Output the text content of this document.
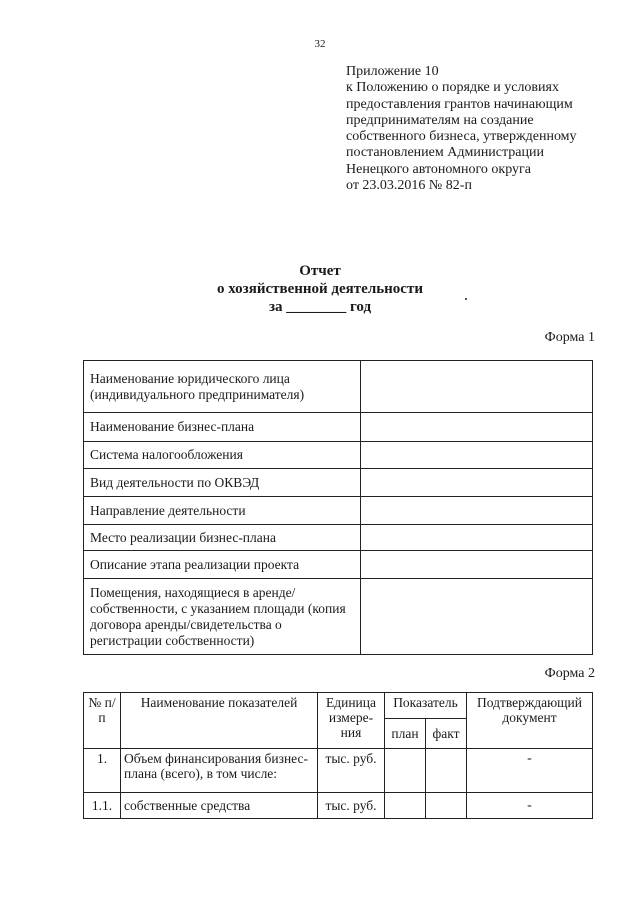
32
Приложение 10
к Положению о порядке и условиях
предоставления грантов начинающим
предпринимателям на создание
собственного бизнеса, утвержденному
постановлением Администрации
Ненецкого автономного округа
от 23.03.2016 № 82-п
Отчет
о хозяйственной деятельности
за ________ год
Форма 1
Наименование юридического лица (индивидуального предпринимателя)	
Наименование бизнес-плана	
Система налогообложения	
Вид деятельности по ОКВЭД	
Направление деятельности	
Место реализации бизнес-плана	
Описание этапа реализации проекта	
Помещения, находящиеся в аренде/собственности, с указанием площади (копия договора аренды/свидетельства о регистрации собственности)	
Форма 2
№ п/п	Наименование показателей	Единица измере-ния	Показатель		Подтверждающий документ
			план	факт	
1.	Объем финансирования бизнес-плана (всего), в том числе:	тыс. руб.			-
1.1.	собственные средства	тыс. руб.			-
